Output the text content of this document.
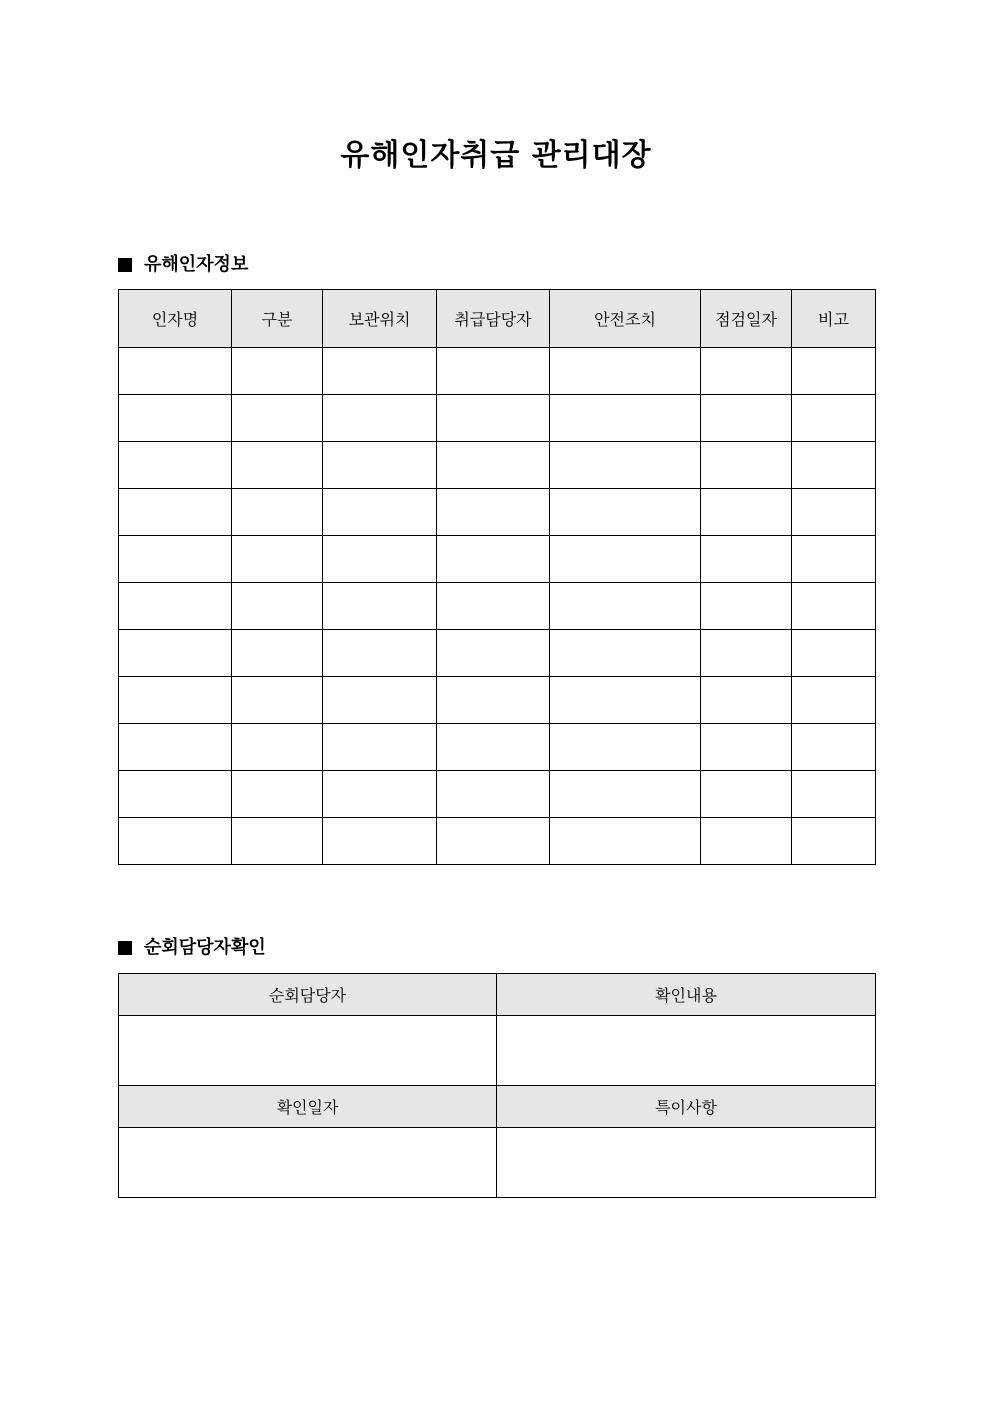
유해인자취급 관리대장
유해인자정보
인자명	구분	보관위치	취급담당자	안전조치	점검일자	비고

순회담당자확인
순회담당자	확인내용

확인일자	특이사항
